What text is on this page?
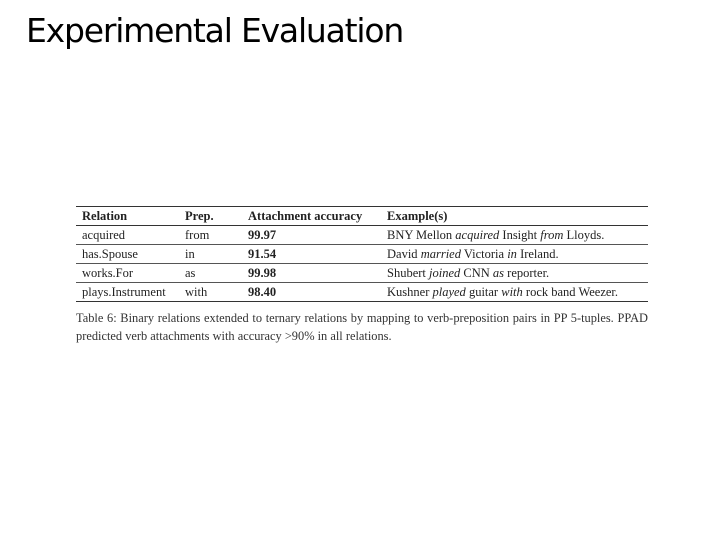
Experimental Evaluation
Relation	Prep.	Attachment accuracy	Example(s)
acquired	from	99.97	BNY Mellon acquired Insight from Lloyds.
has.Spouse	in	91.54	David married Victoria in Ireland.
works.For	as	99.98	Shubert joined CNN as reporter.
plays.Instrument	with	98.40	Kushner played guitar with rock band Weezer.
Table 6: Binary relations extended to ternary relations by mapping to verb-preposition pairs in PP 5-tuples. PPAD predicted verb attachments with accuracy >90% in all relations.
